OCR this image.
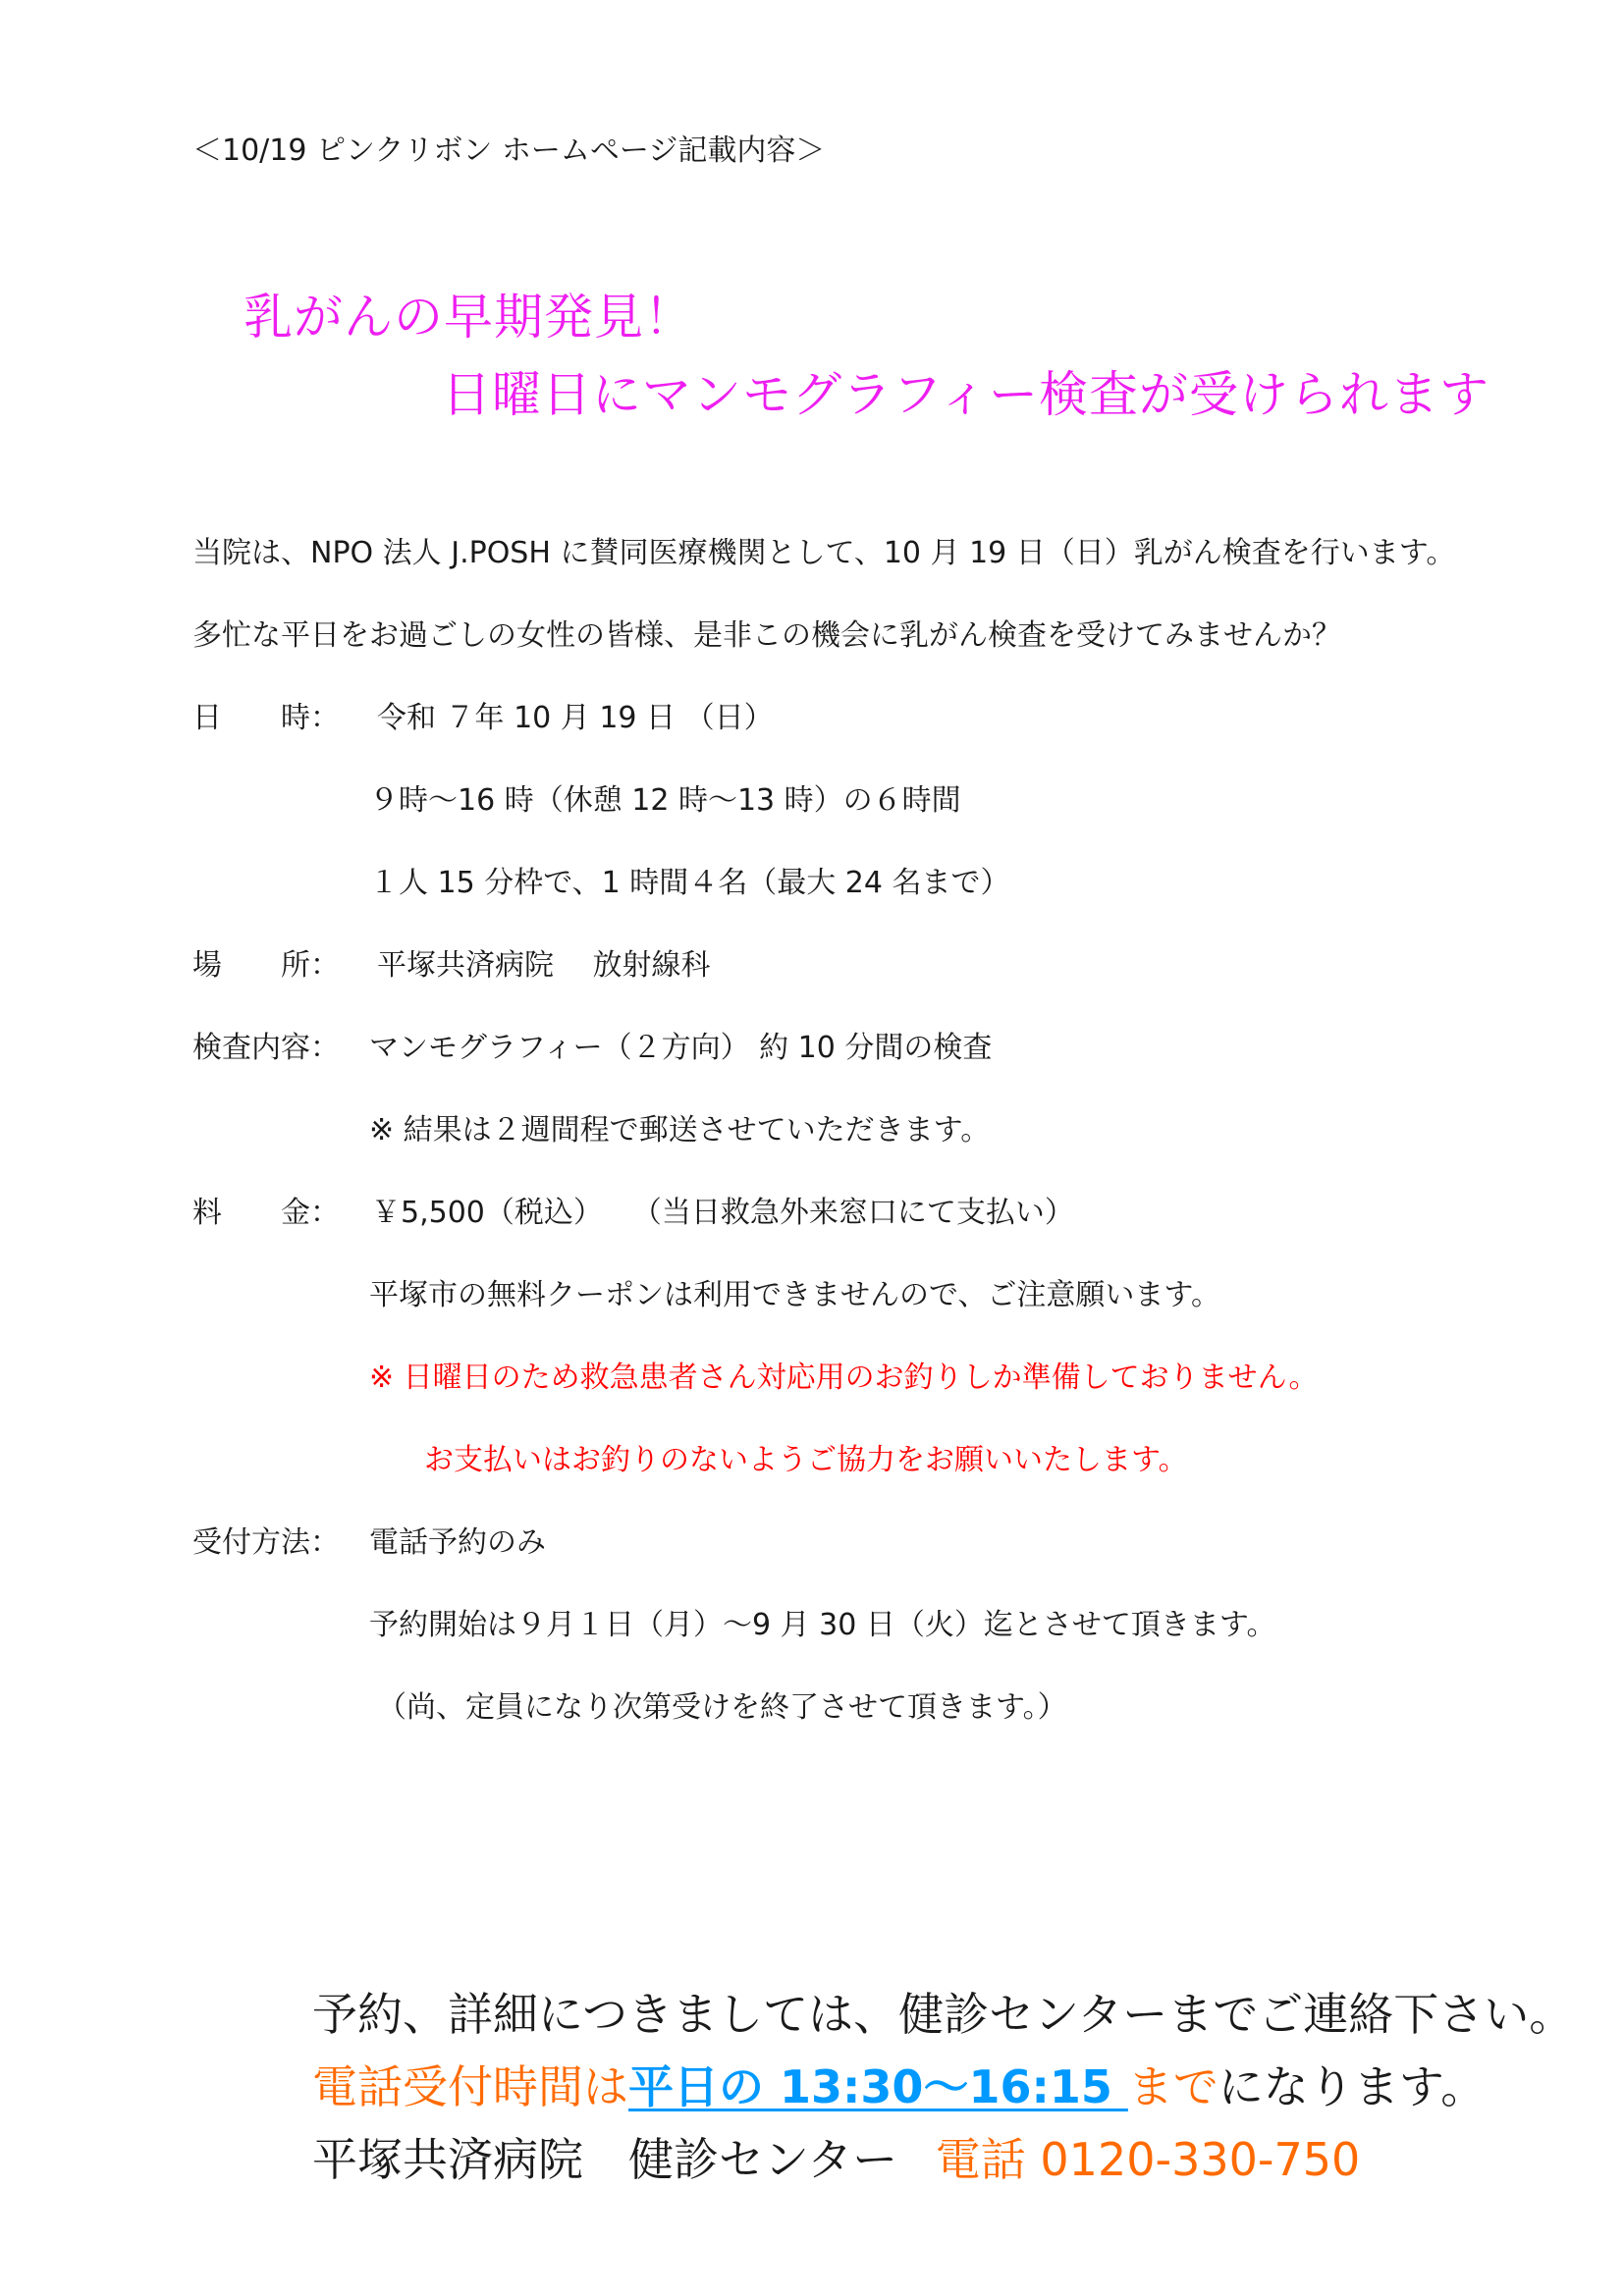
＜10/19 ピンクリボン ホームページ記載内容＞
乳がんの早期発見！
日曜日にマンモグラフィー検査が受けられます
当院は、NPO 法人 J.POSH に賛同医療機関として、10 月 19 日（日）乳がん検査を行います。
多忙な平日をお過ごしの女性の皆様、是非この機会に乳がん検査を受けてみませんか？
日　　時： 令和 ７年 10 月 19 日 （日）
９時～16 時（休憩 12 時～13 時）の６時間
１人 15 分枠で、1 時間４名（最大 24 名まで）
場　　所： 平塚共済病院　 放射線科
検査内容： マンモグラフィー（２方向） 約 10 分間の検査
※ 結果は２週間程で郵送させていただきます。
料　　金： ￥5,500（税込）　　（当日救急外来窓口にて支払い）
平塚市の無料クーポンは利用できませんので、ご注意願います。
※ 日曜日のため救急患者さん対応用のお釣りしか準備しておりません。
お支払いはお釣りのないようご協力をお願いいたします。
受付方法： 電話予約のみ
予約開始は９月１日（月）～9 月 30 日（火）迄とさせて頂きます。
（尚、定員になり次第受けを終了させて頂きます。）
予約、詳細につきましては、健診センターまでご連絡下さい。
電話受付時間は平日の 13:30～16:15 までになります。
平塚共済病院　健診センター 電話 0120-330-750
